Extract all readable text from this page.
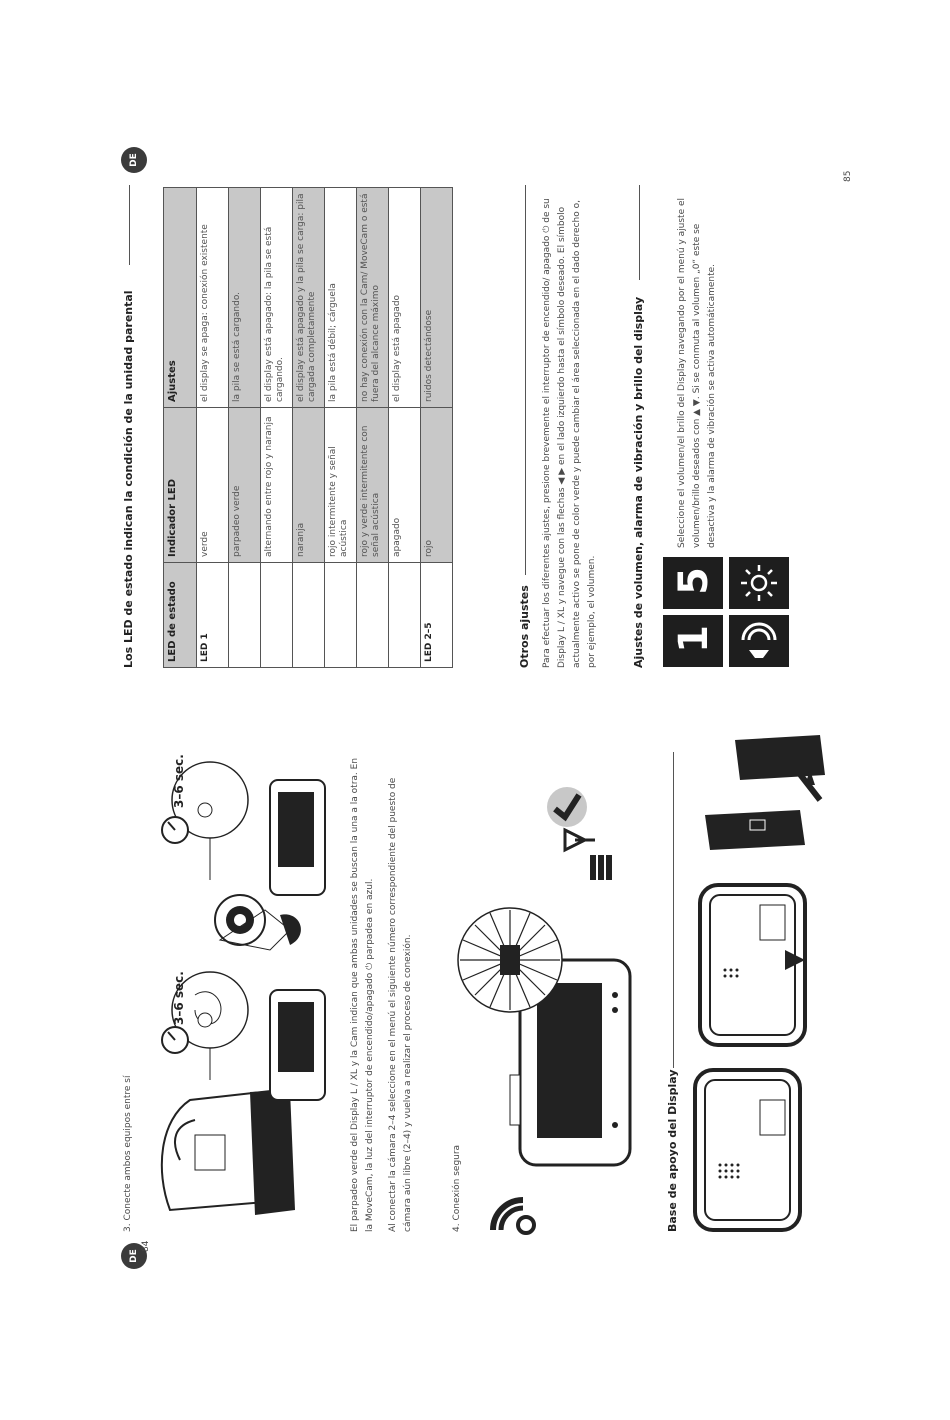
DE
84
3. Conecte ambos equipos entre sí
3–6 sec.
3–6 sec.	El parpadeo verde del Display L / XL y la Cam indican que ambas unidades se buscan la una a la otra. En la MoveCam, la luz del interruptor de encendido/apagado ⏻ parpadea en azul.	Al conectar la cámara 2–4 seleccione en el menú el siguiente número correspondiente del puesto de cámara aún libre (2–4) y vuelva a realizar el proceso de conexión.	4. Conexión segura	Base de apoyo del Display
DE
85
Los LED de estado indican la condición de la unidad parental	LED de estado	Indicador LED	Ajustes
LED 1	verde	el display se apaga: conexión existente
	parpadeo verde	la pila se está cargando.
	alternando entre rojo y naranja	el display está apagado: la pila se está cargando.
	naranja	el display está apagado y la pila se carga: pila cargada completamente
	rojo intermitente y señal acústica	la pila está débil; cárguela
	rojo y verde intermitente con señal acústica	no hay conexión con la Cam/ MoveCam o está fuera del alcance máximo
	apagado	el display está apagado
LED 2–5	rojo	ruidos detectándose
Otros ajustes Para efectuar los diferentes ajustes, presione brevemente el interruptor de encendido/ apagado ⏻ de su Display L / XL y navegue con las flechas ◀ ▶ en el lado izquierdo hasta el símbolo deseado. El símbolo actualmente activo se pone de color verde y puede cambiar el área seleccionada en el dado derecho o, por ejemplo, el volumen.	Ajustes de volumen, alarma de vibración y brillo del display 1
5
Seleccione el volumen/el brillo del Display navegando por el menú y ajuste el volumen/brillo deseados con ▲ ▼. Si se conmuta al volumen „0“ este se desactiva y la alarma de vibración se activa automáticamente.
